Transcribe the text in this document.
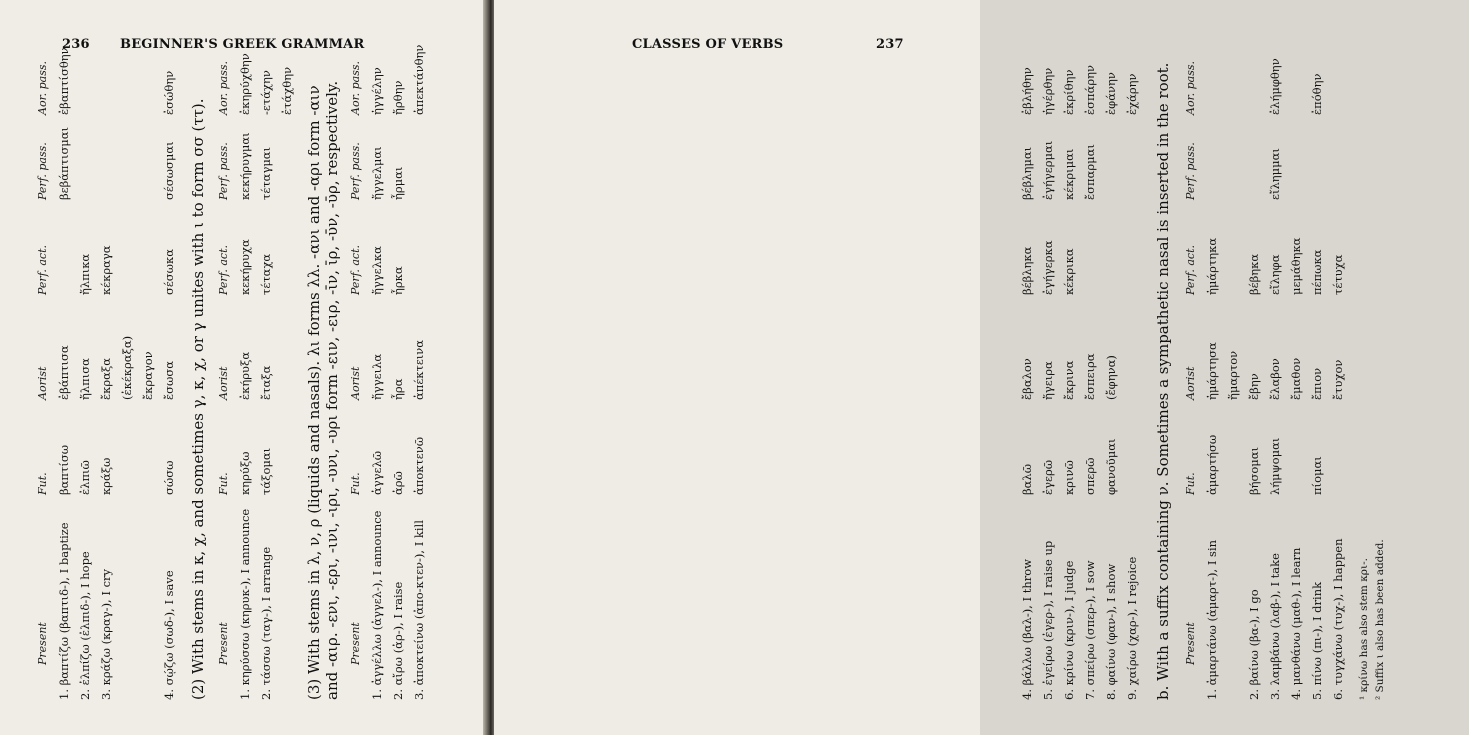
236 BEGINNER'S GREEK GRAMMAR
Present
Fut.
Aorist
Perf. act.
Perf. pass.
Aor. pass.
1. βαπτίζω (βαπτιδ-), I baptize
βαπτίσω
ἐβάπτισα
βεβάπτισμαι
ἐβαπτίσθην
2. ἐλπίζω (ἐλπιδ-), I hope
ἐλπιῶ
ἤλπισα
ἤλπικα
3. κράζω (κραγ-), I cry
κράξω
ἔκραξα
κέκραγα
(ἐκέκραξα) ἔκραγον
4. σῴζω (σωδ-), I save
σώσω
ἔσωσα
σέσωκα
σέσωσμαι
ἐσώθην
(2) With stems in κ, χ, and sometimes γ, κ, χ, or γ unites with ι to form σσ (ττ). Present
Fut.
Aorist
Perf. act.
Perf. pass.
Aor. pass.
1. κηρύσσω (κηρυκ-), I announce
κηρύξω
ἐκήρυξα
κεκήρυχα
κεκήρυγμαι
ἐκηρύχθην
2. τάσσω (ταγ-), I arrange
τάξομαι
ἔταξα
τέταχα
τέταγμαι
-ετάχην ἐτάχθην (3) With stems in λ, ν, ρ (liquids and nasals). λι forms λλ. -ανι and -αρι form -αιν and -αιρ. -ενι, -ερι, -ινι, -ιρι, -υνι, -υρι form -ειν, -ειρ, -ῑν, ῑρ, -ῡν, -ῡρ, respectively. Present
Fut.
Aorist
Perf. act.
Perf. pass.
Aor. pass.
1. ἀγγέλλω (ἀγγελ-), I announce
ἀγγελῶ
ἤγγειλα
ἤγγελκα
ἤγγελμαι
ἠγγέλην
2. αἴρω (ἀρ-), I raise
ἀρῶ
ἦρα
ἦρκα
ἦρμαι
ἤρθην
3. ἀποκτείνω (ἀπο-κτεν-), I kill
ἀποκτενῶ
ἀπέκτεινα
ἀπεκτάνθην
CLASSES OF VERBS	237
4. βάλλω (βαλ-), I throw
βαλῶ
ἔβαλον
βέβληκα
βέβλημαι
ἐβλήθην
5. ἐγείρω (ἐγερ-), I raise up
ἐγερῶ
ἤγειρα
ἐγήγερκα
ἐγήγερμαι
ἠγέρθην
6. κρίνω (κριν-), I judge
κρινῶ
ἔκρινα
κέκρικα
κέκριμαι
ἐκρίθην
7. σπείρω (σπερ-), I sow
σπερῶ
ἔσπειρα
ἔσπαρμαι
ἐσπάρην
8. φαίνω (φαν-), I show
φανοῦμαι
(ἔφηνα)
ἐφάνην
9. χαίρω (χαρ-), I rejoice
ἐχάρην b. With a suffix containing ν. Sometimes a sympathetic nasal is inserted in the root. Present
Fut.
Aorist
Perf. act.
Perf. pass.
Aor. pass.
1. ἁμαρτάνω (ἁμαρτ-), I sin
ἁμαρτήσω
ἡμάρτησα
ἡμάρτηκα
ἥμαρτον
2. βαίνω (βα-), I go
βήσομαι
ἔβην
βέβηκα
3. λαμβάνω (λαβ-), I take
λήμψομαι
ἔλαβον
εἴληφα
εἴλημμαι
ἐλήμφθην
4. μανθάνω (μαθ-), I learn
ἔμαθον
μεμάθηκα
5. πίνω (πι-), I drink
πίομαι
ἔπιον
πέπωκα
ἐπόθην
6. τυγχάνω (τυχ-), I happen
ἔτυχον
τέτυχα
¹ κρίνω has also stem κρι-. ² Suffix ι also has been added.
